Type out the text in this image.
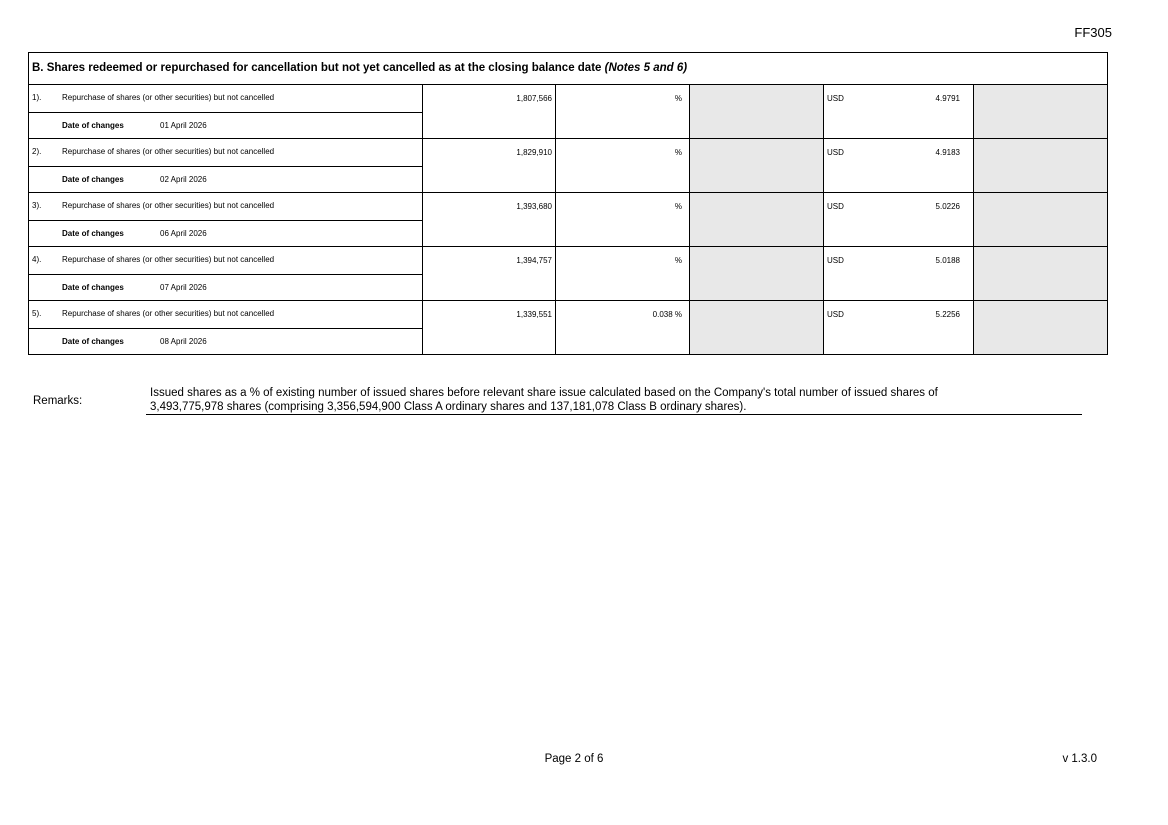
FF305
B. Shares redeemed or repurchased for cancellation but not yet cancelled as at the closing balance date (Notes 5 and 6)
1).	Repurchase of shares (or other securities) but not cancelled
Date of changes	01 April 2026
1,807,566	%	USD	4.9791
2).	Repurchase of shares (or other securities) but not cancelled
Date of changes	02 April 2026
1,829,910	%	USD	4.9183
3).	Repurchase of shares (or other securities) but not cancelled
Date of changes	06 April 2026
1,393,680	%	USD	5.0226
4).	Repurchase of shares (or other securities) but not cancelled
Date of changes	07 April 2026
1,394,757	%	USD	5.0188
5).	Repurchase of shares (or other securities) but not cancelled
Date of changes	08 April 2026
1,339,551	0.038 %	USD	5.2256
Remarks:
Issued shares as a % of existing number of issued shares before relevant share issue calculated based on the Company's total number of issued shares of
3,493,775,978 shares (comprising 3,356,594,900 Class A ordinary shares and 137,181,078 Class B ordinary shares).
Page 2 of 6	v 1.3.0
